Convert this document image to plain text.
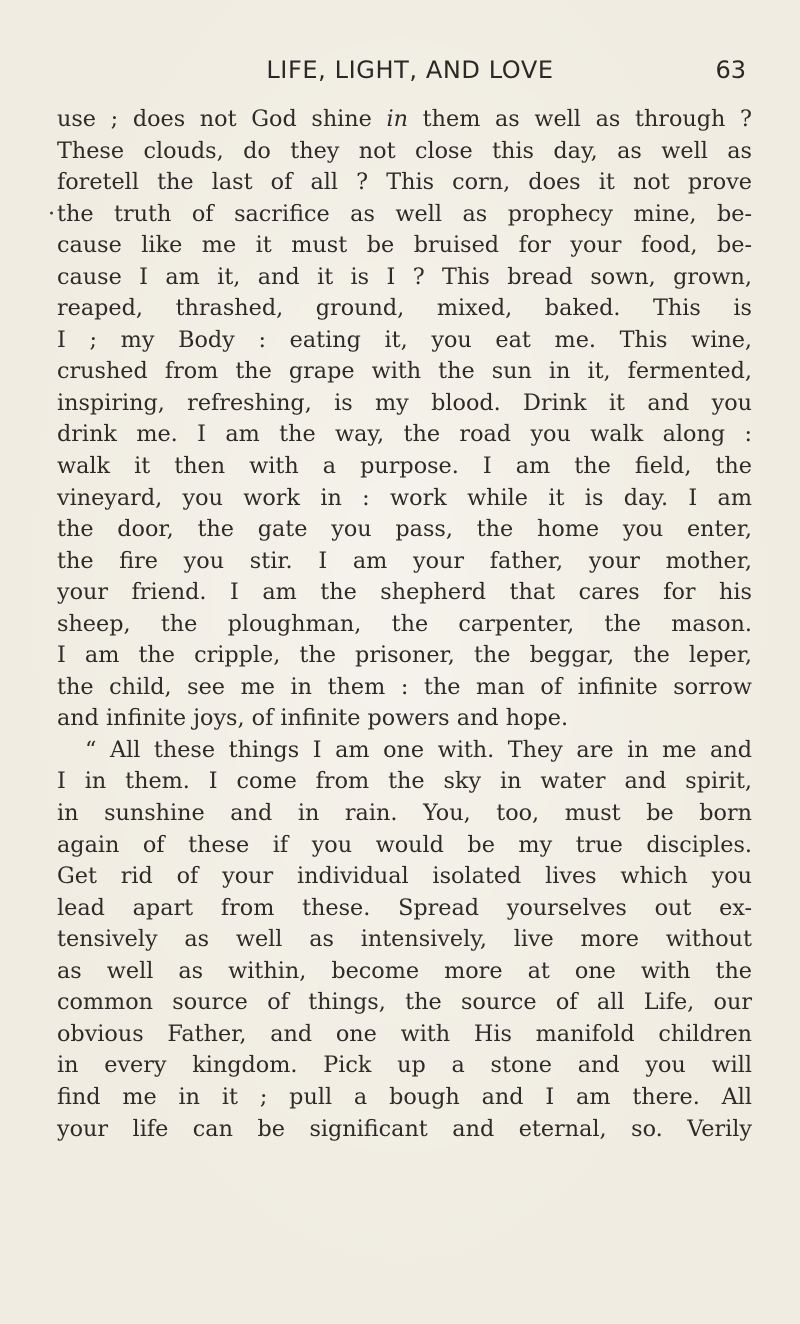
LIFE, LIGHT, AND LOVE	63
use ; does not God shine in them as well as through ?
These clouds, do they not close this day, as well as
foretell the last of all ? This corn, does it not prove
· the truth of sacrifice as well as prophecy mine, be-
cause like me it must be bruised for your food, be-
cause I am it, and it is I ? This bread sown, grown,
reaped, thrashed, ground, mixed, baked. This is
I ; my Body : eating it, you eat me. This wine,
crushed from the grape with the sun in it, fermented,
inspiring, refreshing, is my blood. Drink it and you
drink me. I am the way, the road you walk along :
walk it then with a purpose. I am the field, the
vineyard, you work in : work while it is day. I am
the door, the gate you pass, the home you enter,
the fire you stir. I am your father, your mother,
your friend. I am the shepherd that cares for his
sheep, the ploughman, the carpenter, the mason.
I am the cripple, the prisoner, the beggar, the leper,
the child, see me in them : the man of infinite sorrow
and infinite joys, of infinite powers and hope.
“ All these things I am one with. They are in me and
I in them. I come from the sky in water and spirit,
in sunshine and in rain. You, too, must be born
again of these if you would be my true disciples.
Get rid of your individual isolated lives which you
lead apart from these. Spread yourselves out ex-
tensively as well as intensively, live more without
as well as within, become more at one with the
common source of things, the source of all Life, our
obvious Father, and one with His manifold children
in every kingdom. Pick up a stone and you will
find me in it ; pull a bough and I am there. All
your life can be significant and eternal, so. Verily
